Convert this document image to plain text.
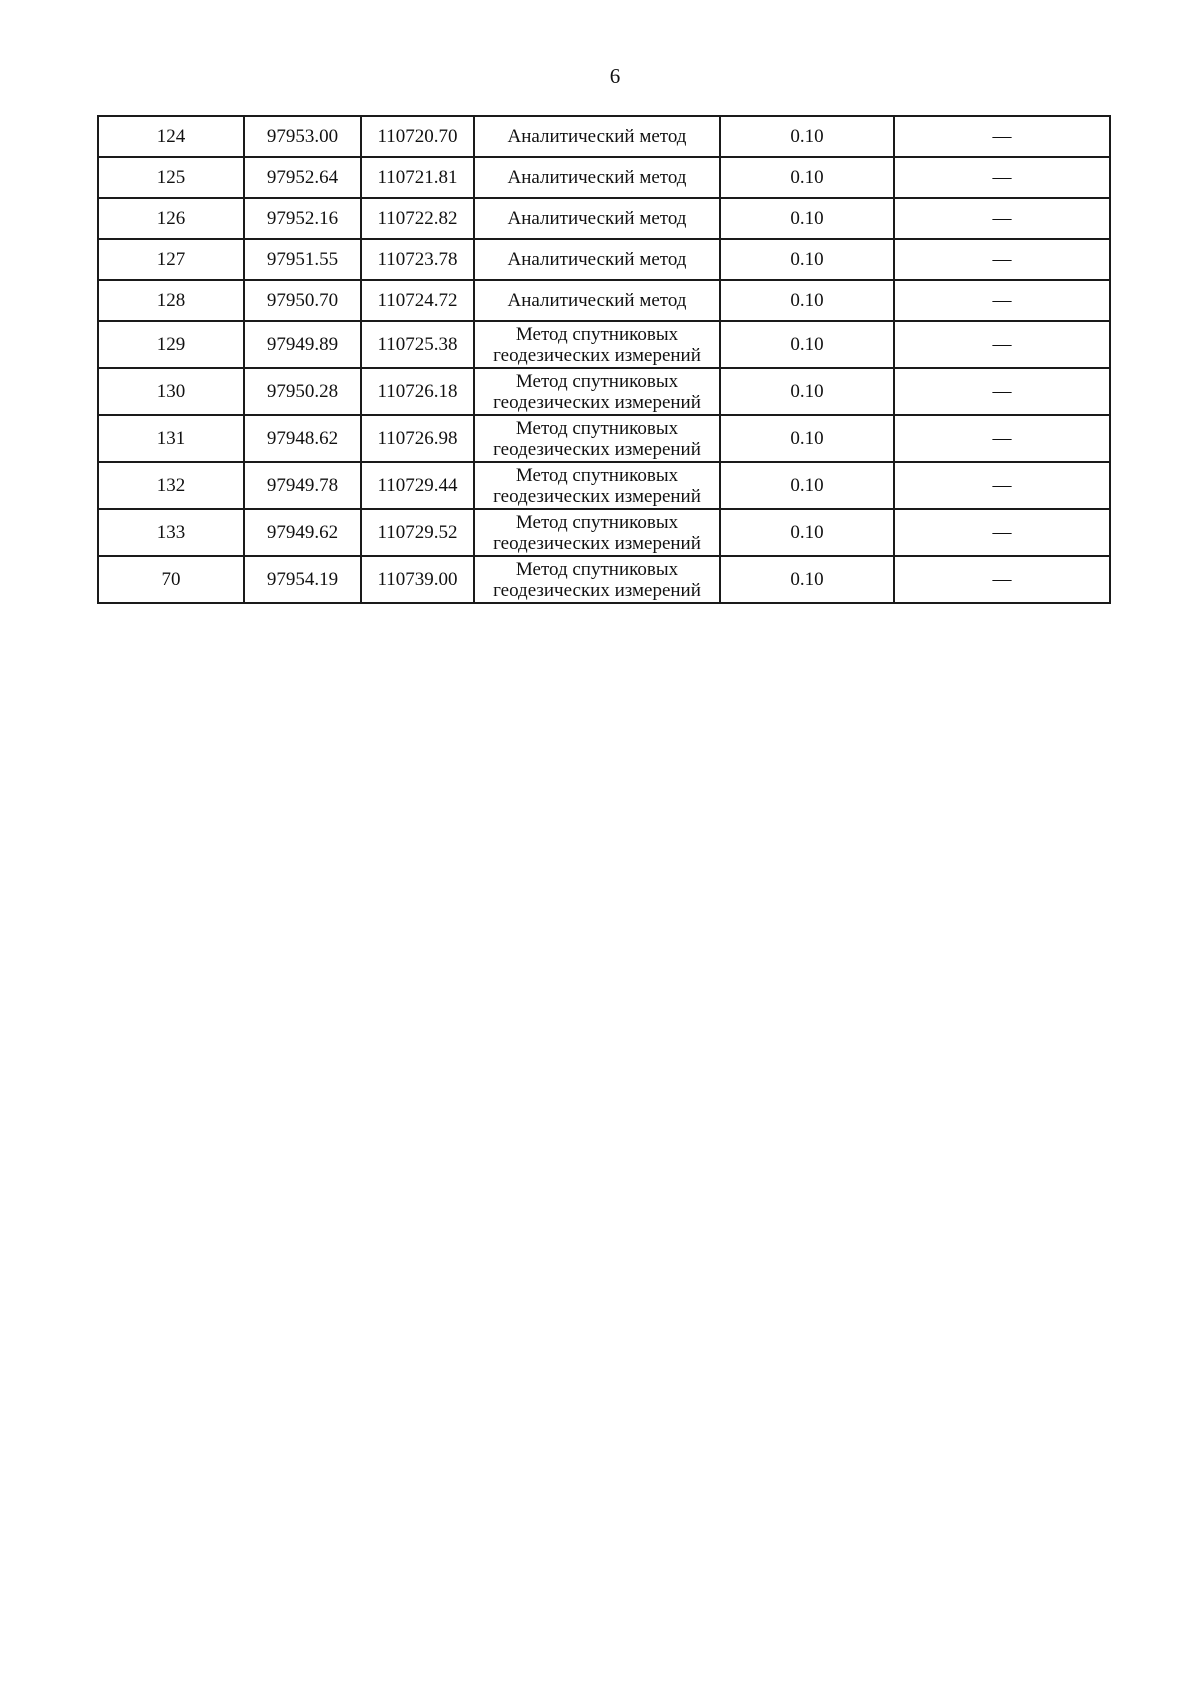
6
124	97953.00	110720.70	Аналитический метод	0.10	—
125	97952.64	110721.81	Аналитический метод	0.10	—
126	97952.16	110722.82	Аналитический метод	0.10	—
127	97951.55	110723.78	Аналитический метод	0.10	—
128	97950.70	110724.72	Аналитический метод	0.10	—
129	97949.89	110725.38	Метод спутниковых
геодезических измерений	0.10	—
130	97950.28	110726.18	Метод спутниковых
геодезических измерений	0.10	—
131	97948.62	110726.98	Метод спутниковых
геодезических измерений	0.10	—
132	97949.78	110729.44	Метод спутниковых
геодезических измерений	0.10	—
133	97949.62	110729.52	Метод спутниковых
геодезических измерений	0.10	—
70	97954.19	110739.00	Метод спутниковых
геодезических измерений	0.10	—
